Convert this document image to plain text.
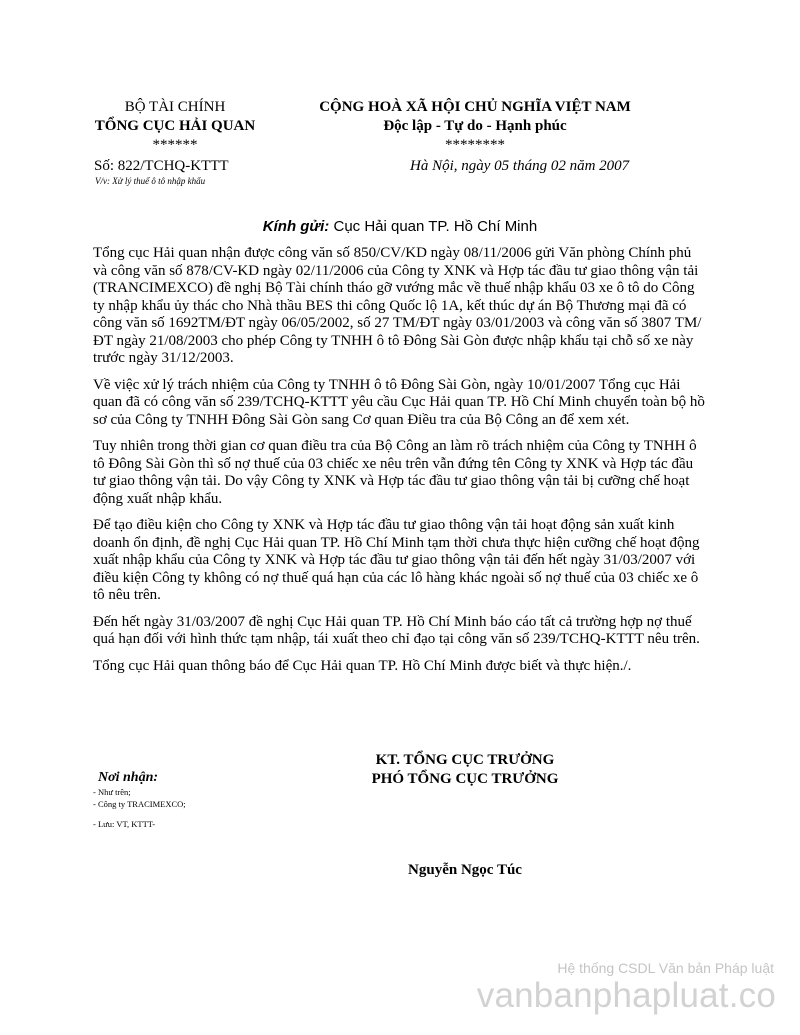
BỘ TÀI CHÍNH
TỔNG CỤC HẢI QUAN
******
CỘNG HOÀ XÃ HỘI CHỦ NGHĨA VIỆT NAM
Độc lập - Tự do - Hạnh phúc
********
Số: 822/TCHQ-KTTT
V/v: Xử lý thuế ô tô nhập khẩu
Hà Nội, ngày 05 tháng 02 năm 2007
Kính gửi: Cục Hải quan TP. Hồ Chí Minh

Tổng cục Hải quan nhận được công văn số 850/CV/KD ngày 08/11/2006 gửi Văn phòng Chính phủ và công văn số 878/CV-KD ngày 02/11/2006 của Công ty XNK và Hợp tác đầu tư giao thông vận tải (TRANCIMEXCO) đề nghị Bộ Tài chính tháo gỡ vướng mắc về thuế nhập khẩu 03 xe ô tô do Công ty nhập khẩu ủy thác cho Nhà thầu BES thi công Quốc lộ 1A, kết thúc dự án Bộ Thương mại đã có công văn số 1692TM/ĐT ngày 06/05/2002, số 27 TM/ĐT ngày 03/01/2003 và công văn số 3807 TM/ĐT ngày 21/08/2003 cho phép Công ty TNHH ô tô Đông Sài Gòn được nhập khẩu tại chỗ số xe này trước ngày 31/12/2003.

Về việc xử lý trách nhiệm của Công ty TNHH ô tô Đông Sài Gòn, ngày 10/01/2007 Tổng cục Hải quan đã có công văn số 239/TCHQ-KTTT yêu cầu Cục Hải quan TP. Hồ Chí Minh chuyển toàn bộ hồ sơ của Công ty TNHH Đông Sài Gòn sang Cơ quan Điều tra của Bộ Công an để xem xét.

Tuy nhiên trong thời gian cơ quan điều tra của Bộ Công an làm rõ trách nhiệm của Công ty TNHH ô tô Đông Sài Gòn thì số nợ thuế của 03 chiếc xe nêu trên vẫn đứng tên Công ty XNK và Hợp tác đầu tư giao thông vận tải. Do vậy Công ty XNK và Hợp tác đầu tư giao thông vận tải bị cưỡng chế hoạt động xuất nhập khẩu.

Để tạo điều kiện cho Công ty XNK và Hợp tác đầu tư giao thông vận tải hoạt động sản xuất kinh doanh ổn định, đề nghị Cục Hải quan TP. Hồ Chí Minh tạm thời chưa thực hiện cưỡng chế hoạt động xuất nhập khẩu của Công ty XNK và Hợp tác đầu tư giao thông vận tải đến hết ngày 31/03/2007 với điều kiện Công ty không có nợ thuế quá hạn của các lô hàng khác ngoài số nợ thuế của 03 chiếc xe ô tô nêu trên.

Đến hết ngày 31/03/2007 đề nghị Cục Hải quan TP. Hồ Chí Minh báo cáo tất cả trường hợp nợ thuế quá hạn đối với hình thức tạm nhập, tái xuất theo chỉ đạo tại công văn số 239/TCHQ-KTTT nêu trên.

Tổng cục Hải quan thông báo để Cục Hải quan TP. Hồ Chí Minh được biết và thực hiện./.

KT. TỔNG CỤC TRƯỞNG
PHÓ TỔNG CỤC TRƯỞNG
Nơi nhận:
- Như trên;
- Công ty TRACIMEXCO;
- Lưu: VT, KTTT-
Nguyễn Ngọc Túc
Hệ thống CSDL Văn bản Pháp luật
vanbanphapluat.co
